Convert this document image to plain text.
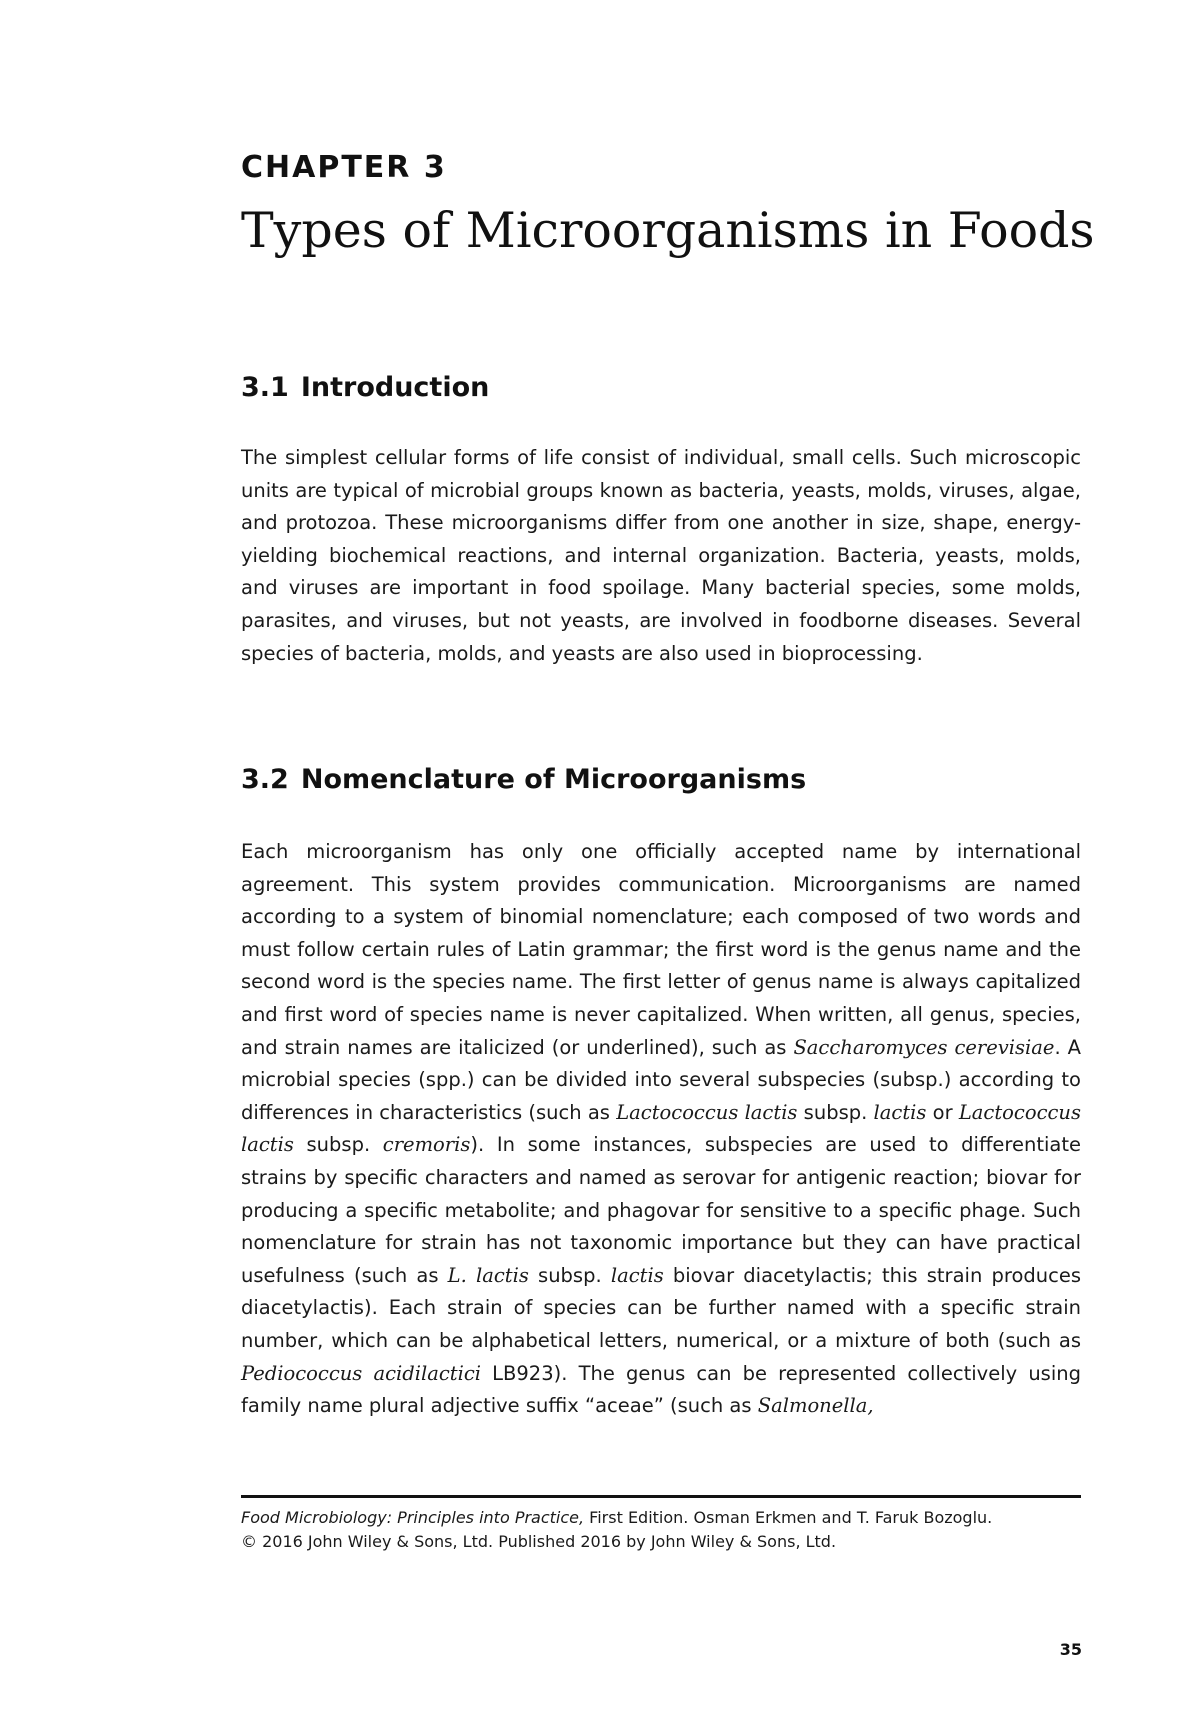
CHAPTER 3
Types of Microorganisms in Foods
3.1 Introduction

The simplest cellular forms of life consist of individual, small cells. Such microscopic units are typical of microbial groups known as bacteria, yeasts, molds, viruses, algae, and protozoa. These microorganisms differ from one another in size, shape, energy-yielding biochemical reactions, and internal organization. Bacteria, yeasts, molds, and viruses are important in food spoilage. Many bacterial species, some molds, parasites, and viruses, but not yeasts, are involved in foodborne diseases. Several species of bacteria, molds, and yeasts are also used in bioprocessing.

3.2 Nomenclature of Microorganisms

Each microorganism has only one officially accepted name by international agreement. This system provides communication. Microorganisms are named according to a system of binomial nomenclature; each composed of two words and must follow certain rules of Latin grammar; the first word is the genus name and the second word is the species name. The first letter of genus name is always capitalized and first word of species name is never capitalized. When written, all genus, species, and strain names are italicized (or underlined), such as Saccharomyces cerevisiae. A microbial species (spp.) can be divided into several subspecies (subsp.) according to differences in characteristics (such as Lactococcus lactis subsp. lactis or Lactococcus lactis subsp. cremoris). In some instances, subspecies are used to differentiate strains by specific characters and named as serovar for antigenic reaction; biovar for producing a specific metabolite; and phagovar for sensitive to a specific phage. Such nomenclature for strain has not taxonomic importance but they can have practical usefulness (such as L. lactis subsp. lactis biovar diacetylactis; this strain produces diacetylactis). Each strain of species can be further named with a specific strain number, which can be alphabetical letters, numerical, or a mixture of both (such as Pediococcus acidilactici LB923). The genus can be represented collectively using family name plural adjective suffix “aceae” (such as Salmonella,

Food Microbiology: Principles into Practice, First Edition. Osman Erkmen and T. Faruk Bozoglu.
© 2016 John Wiley & Sons, Ltd. Published 2016 by John Wiley & Sons, Ltd.
35
